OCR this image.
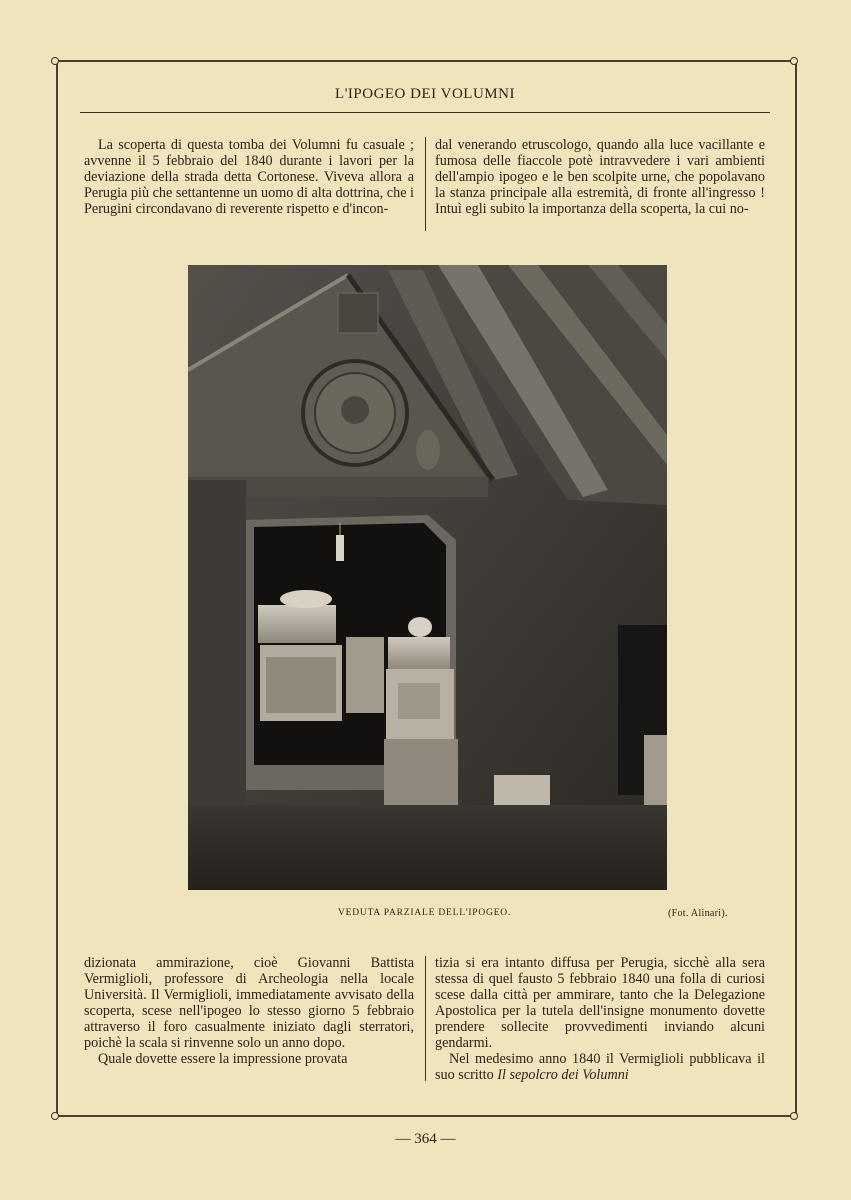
L'IPOGEO DEI VOLUMNI

La scoperta di questa tomba dei Volumni fu casuale ; avvenne il 5 febbraio del 1840 durante i lavori per la deviazione della strada detta Cortonese. Viveva allora a Perugia più che settantenne un uomo di alta dottrina, che i Perugini circondavano di reverente rispetto e d'incon-

dal venerando etruscologo, quando alla luce vacillante e fumosa delle fiaccole potè intravvedere i vari ambienti dell'ampio ipogeo e le ben scolpite urne, che popolavano la stanza principale alla estremità, di fronte all'ingresso ! Intuì egli subito la importanza della scoperta, la cui no-

VEDUTA PARZIALE DELL'IPOGEO.	(Fot. Alinari).

dizionata ammirazione, cioè Giovanni Battista Vermiglioli, professore di Archeologia nella locale Università. Il Vermiglioli, immediatamente avvisato della scoperta, scese nell'ipogeo lo stesso giorno 5 febbraio attraverso il foro casualmente iniziato dagli sterratori, poichè la scala si rinvenne solo un anno dopo.

Quale dovette essere la impressione provata

tizia si era intanto diffusa per Perugia, sicchè alla sera stessa di quel fausto 5 febbraio 1840 una folla di curiosi scese dalla città per ammirare, tanto che la Delegazione Apostolica per la tutela dell'insigne monumento dovette prendere sollecite provvedimenti inviando alcuni gendarmi.

Nel medesimo anno 1840 il Vermiglioli pubblicava il suo scritto Il sepolcro dei Volumni

— 364 —
